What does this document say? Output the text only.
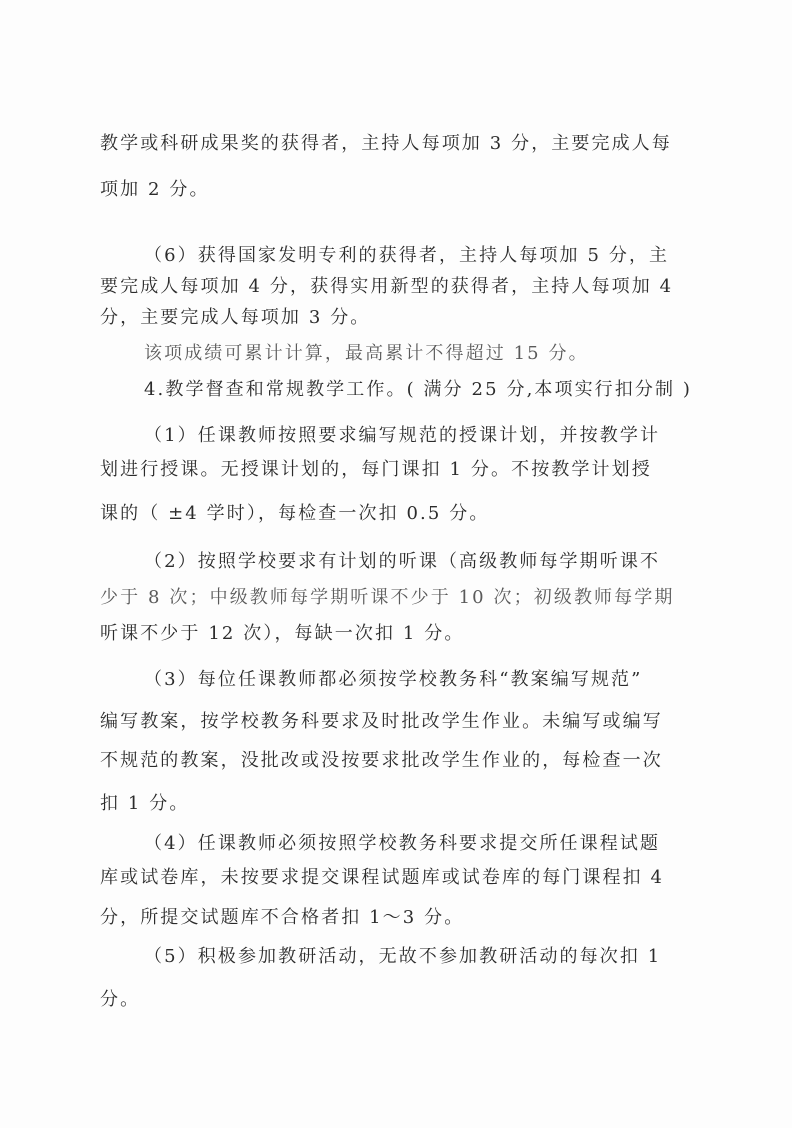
教学或科研成果奖的获得者，主持人每项加 3 分，主要完成人每
项加 2 分。
（6）获得国家发明专利的获得者，主持人每项加 5 分，主
要完成人每项加 4 分，获得实用新型的获得者，主持人每项加 4
分，主要完成人每项加 3 分。
该项成绩可累计计算，最高累计不得超过 15 分。
4.教学督查和常规教学工作。( 满分 25 分,本项实行扣分制 )
（1）任课教师按照要求编写规范的授课计划，并按教学计
划进行授课。无授课计划的，每门课扣 1 分。不按教学计划授
课的（ ±4 学时），每检查一次扣 0.5 分。
（2）按照学校要求有计划的听课（高级教师每学期听课不
少于 8 次；中级教师每学期听课不少于 10 次；初级教师每学期
听课不少于 12 次），每缺一次扣 1 分。
（3）每位任课教师都必须按学校教务科“教案编写规范”
编写教案，按学校教务科要求及时批改学生作业。未编写或编写
不规范的教案，没批改或没按要求批改学生作业的，每检查一次
扣 1 分。
（4）任课教师必须按照学校教务科要求提交所任课程试题
库或试卷库，未按要求提交课程试题库或试卷库的每门课程扣 4
分，所提交试题库不合格者扣 1～3 分。
（5）积极参加教研活动，无故不参加教研活动的每次扣 1
分。
